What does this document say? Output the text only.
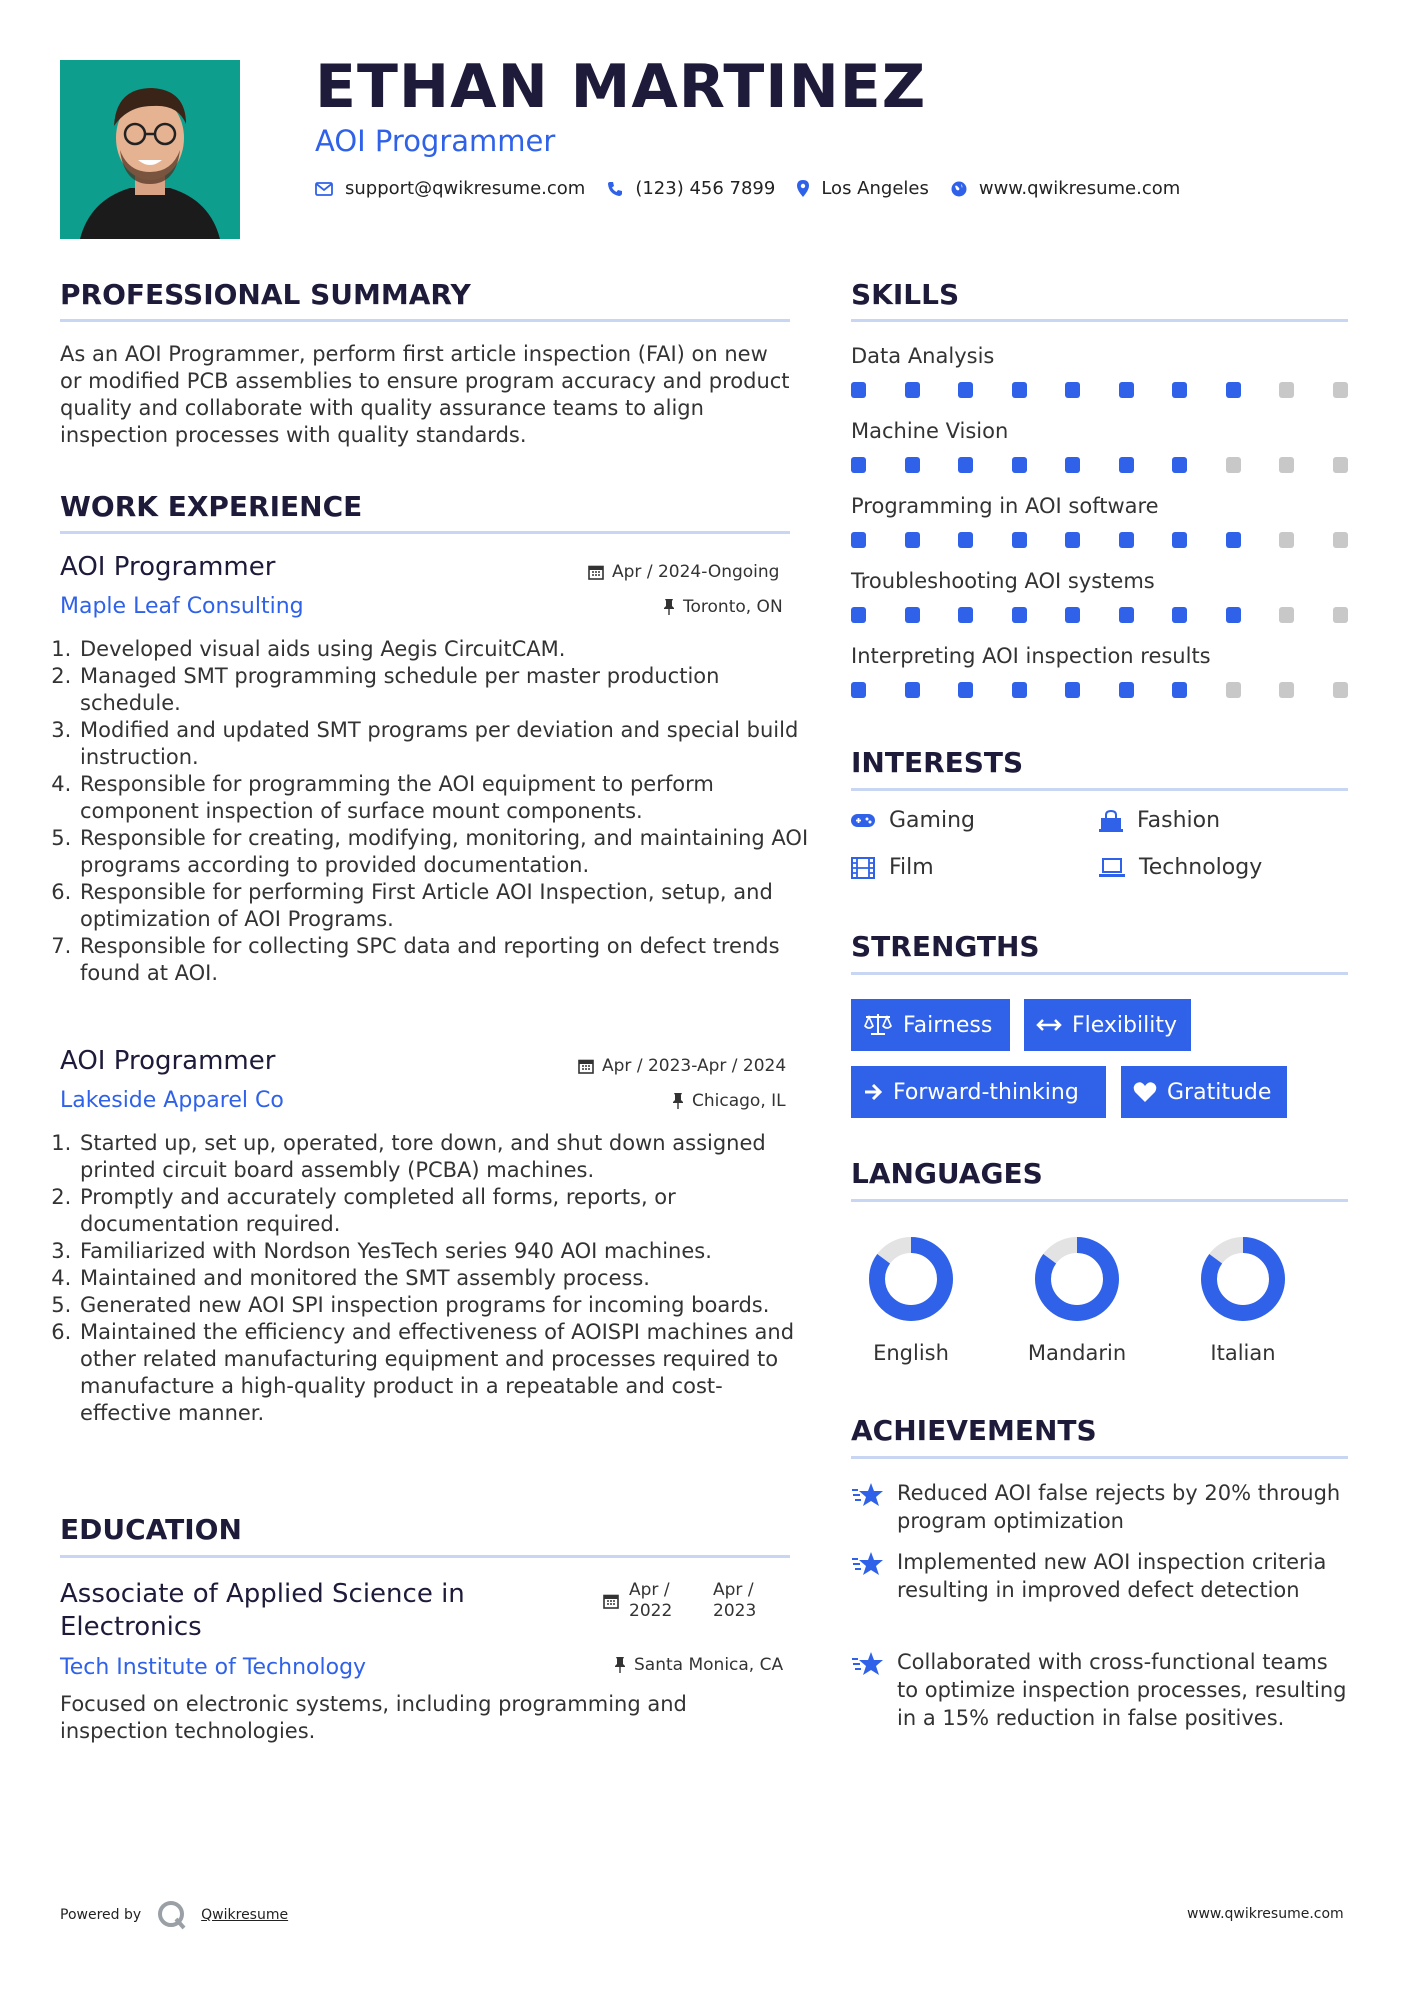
ETHAN MARTINEZ
AOI Programmer
support@qwikresume.com	(123) 456 7899	Los Angeles	www.qwikresume.com
PROFESSIONAL SUMMARY
As an AOI Programmer, perform first article inspection (FAI) on new or modified PCB assemblies to ensure program accuracy and product quality and collaborate with quality assurance teams to align inspection processes with quality standards.
WORK EXPERIENCE
AOI Programmer	Apr / 2024-Ongoing
Maple Leaf Consulting	Toronto, ON
1. Developed visual aids using Aegis CircuitCAM.
2. Managed SMT programming schedule per master production schedule.
3. Modified and updated SMT programs per deviation and special build instruction.
4. Responsible for programming the AOI equipment to perform component inspection of surface mount components.
5. Responsible for creating, modifying, monitoring, and maintaining AOI programs according to provided documentation.
6. Responsible for performing First Article AOI Inspection, setup, and optimization of AOI Programs.
7. Responsible for collecting SPC data and reporting on defect trends found at AOI.
AOI Programmer	Apr / 2023-Apr / 2024
Lakeside Apparel Co	Chicago, IL
1. Started up, set up, operated, tore down, and shut down assigned printed circuit board assembly (PCBA) machines.
2. Promptly and accurately completed all forms, reports, or documentation required.
3. Familiarized with Nordson YesTech series 940 AOI machines.
4. Maintained and monitored the SMT assembly process.
5. Generated new AOI SPI inspection programs for incoming boards.
6. Maintained the efficiency and effectiveness of AOISPI machines and other related manufacturing equipment and processes required to manufacture a high-quality product in a repeatable and cost-effective manner.
EDUCATION
Associate of Applied Science in Electronics
Apr / 2022
Apr / 2023
Tech Institute of Technology	Santa Monica, CA
Focused on electronic systems, including programming and inspection technologies.
SKILLS
Data Analysis
Machine Vision
Programming in AOI software
Troubleshooting AOI systems
Interpreting AOI inspection results
INTERESTS
Gaming	Fashion
Film	Technology
STRENGTHS
Fairness	Flexibility
Forward-thinking	Gratitude
LANGUAGES
English	Mandarin	Italian
ACHIEVEMENTS
Reduced AOI false rejects by 20% through program optimization
Implemented new AOI inspection criteria resulting in improved defect detection
Collaborated with cross-functional teams to optimize inspection processes, resulting in a 15% reduction in false positives.
Powered by	Qwikresume	www.qwikresume.com
